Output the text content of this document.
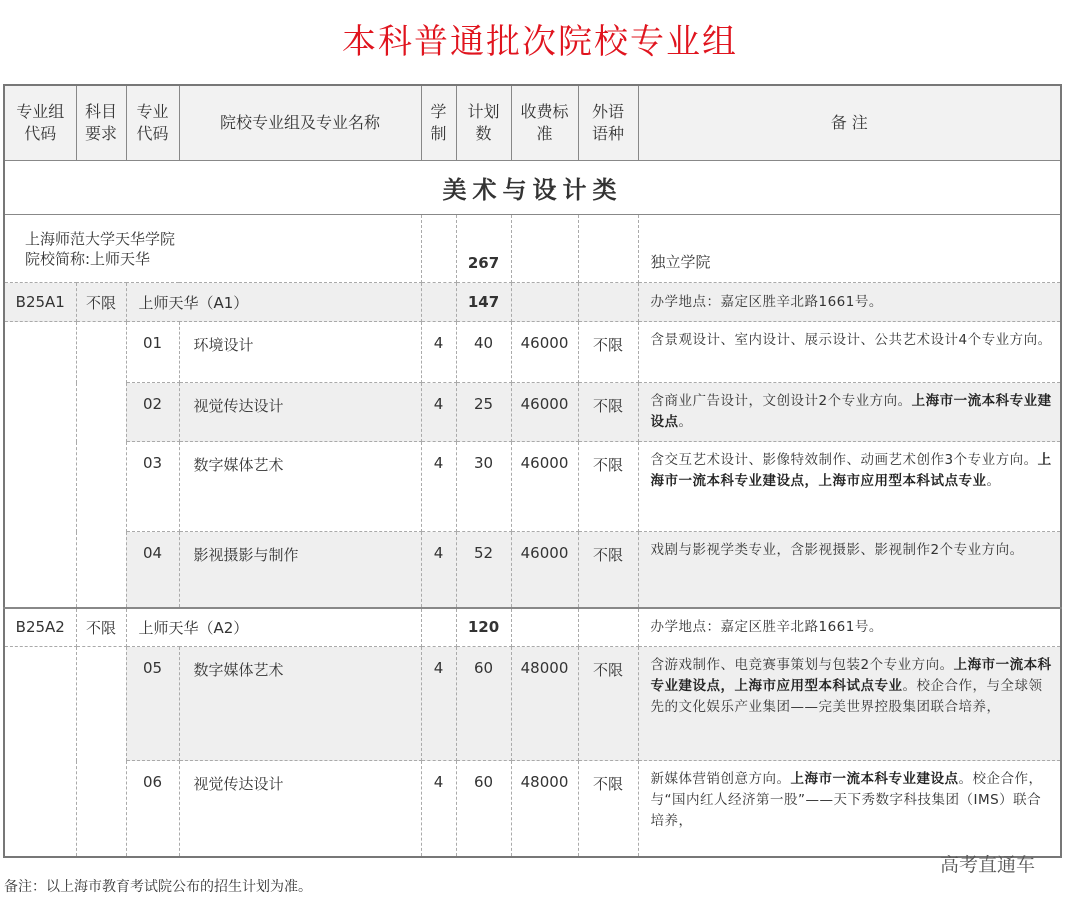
本科普通批次院校专业组
专业组代码	科目要求	专业代码	院校专业组及专业名称	学制	计划数	收费标准	外语语种	备 注
美术与设计类								

上海师范大学天华学院
院校简称:上师天华					267			独立学院
B25A1	不限	上师天华（A1）			147			办学地点：嘉定区胜辛北路1661号。
		01	环境设计	4	40	46000	不限	含景观设计、室内设计、展示设计、公共艺术设计4个专业方向。
		02	视觉传达设计	4	25	46000	不限	含商业广告设计，文创设计2个专业方向。上海市一流本科专业建设点。
		03	数字媒体艺术	4	30	46000	不限	含交互艺术设计、影像特效制作、动画艺术创作3个专业方向。上海市一流本科专业建设点，上海市应用型本科试点专业。
		04	影视摄影与制作	4	52	46000	不限	戏剧与影视学类专业，含影视摄影、影视制作2个专业方向。
B25A2	不限	上师天华（A2）			120			办学地点：嘉定区胜辛北路1661号。
		05	数字媒体艺术	4	60	48000	不限	含游戏制作、电竞赛事策划与包装2个专业方向。上海市一流本科专业建设点，上海市应用型本科试点专业。校企合作，与全球领先的文化娱乐产业集团——完美世界控股集团联合培养，
		06	视觉传达设计	4	60	48000	不限	新媒体营销创意方向。上海市一流本科专业建设点。校企合作，与“国内红人经济第一股”——天下秀数字科技集团（IMS）联合培养，
备注：以上海市教育考试院公布的招生计划为准。
高考直通车
